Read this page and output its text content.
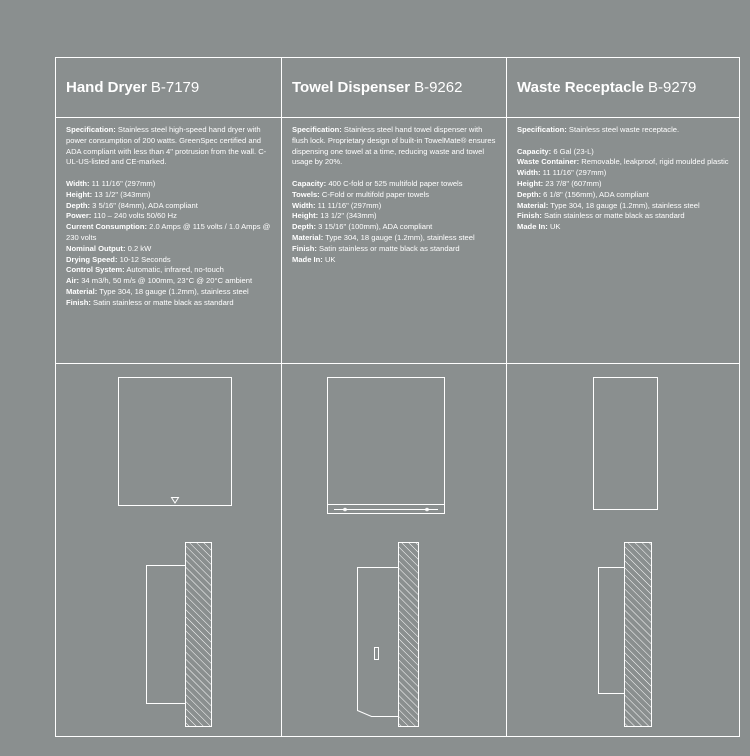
Hand Dryer B-7179

Specification: Stainless steel high-speed hand dryer with power consumption of 200 watts. GreenSpec certified and ADA compliant with less than 4" protrusion from the wall. C-UL-US-listed and CE-marked.

Width: 11 11/16" (297mm)

Height: 13 1/2" (343mm)

Depth: 3 5/16" (84mm), ADA compliant

Power: 110 – 240 volts 50/60 Hz

Current Consumption: 2.0 Amps @ 115 volts / 1.0 Amps @ 230 volts

Nominal Output: 0.2 kW

Drying Speed: 10-12 Seconds

Control System: Automatic, infrared, no-touch

Air: 34 m3/h, 50 m/s @ 100mm, 23°C @ 20°C ambient

Material: Type 304, 18 gauge (1.2mm), stainless steel

Finish: Satin stainless or matte black as standard

Towel Dispenser B-9262

Specification: Stainless steel hand towel dispenser with flush lock. Proprietary design of built-in TowelMate® ensures dispensing one towel at a time, reducing waste and towel usage by 20%.

Capacity: 400 C-fold or 525 multifold paper towels

Towels: C-Fold or multifold paper towels

Width: 11 11/16" (297mm)

Height: 13 1/2" (343mm)

Depth: 3 15/16" (100mm), ADA compliant

Material: Type 304, 18 gauge (1.2mm), stainless steel

Finish: Satin stainless or matte black as standard

Made In: UK

Waste Receptacle B-9279

Specification: Stainless steel waste receptacle.

Capacity: 6 Gal (23-L)

Waste Container: Removable, leakproof, rigid moulded plastic

Width: 11 11/16" (297mm)

Height: 23 7/8" (607mm)

Depth: 6 1/8" (156mm), ADA compliant

Material: Type 304, 18 gauge (1.2mm), stainless steel

Finish: Satin stainless or matte black as standard

Made In: UK
